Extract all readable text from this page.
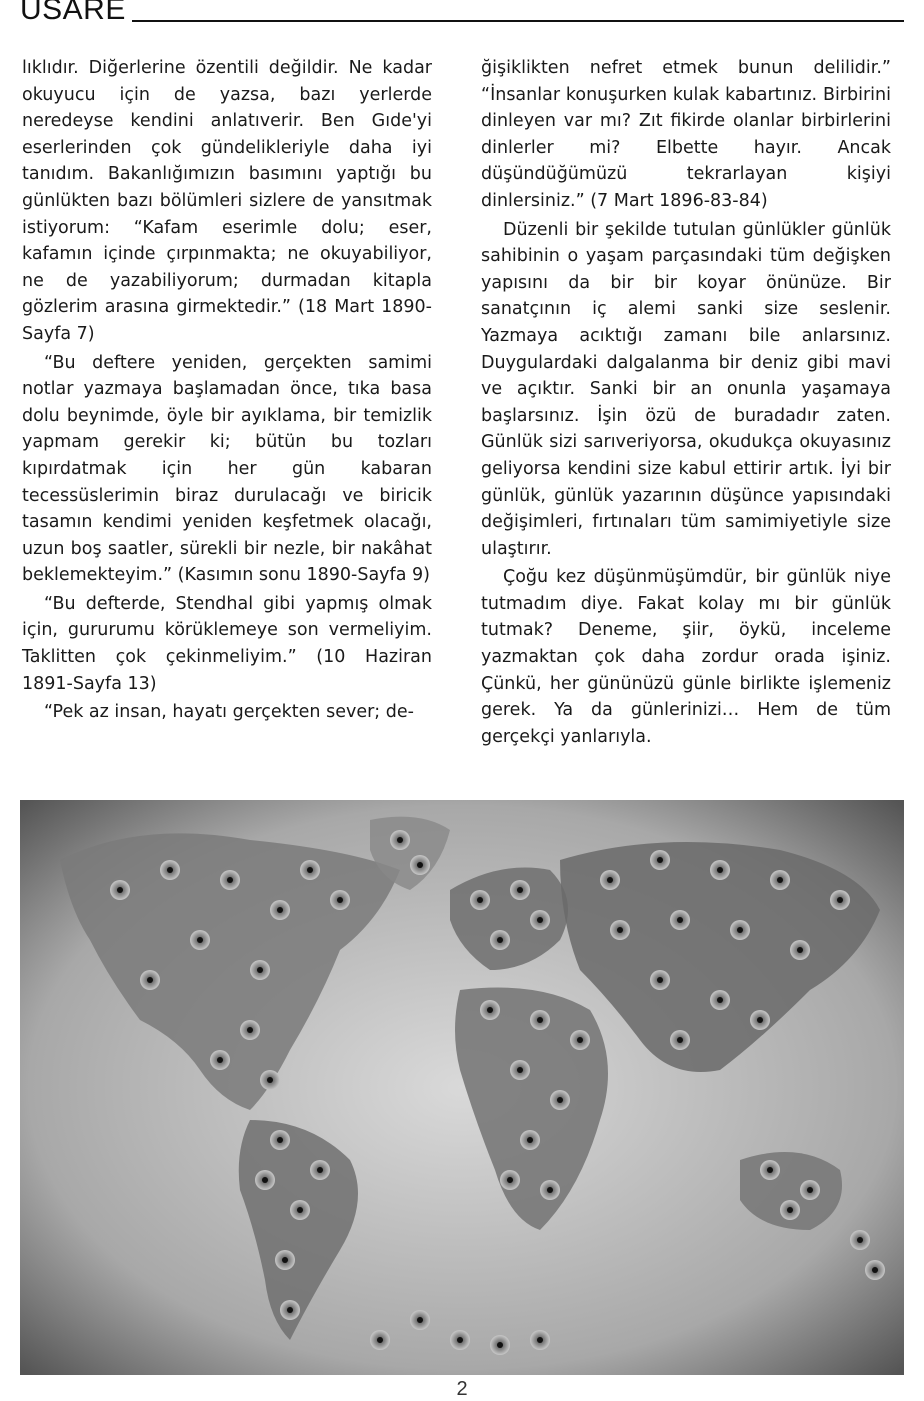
USARE

lıklıdır. Diğerlerine özentili değildir. Ne kadar okuyucu için de yazsa, bazı yerlerde neredeyse kendini anlatıverir. Ben Gıde'yi eserlerinden çok gündelikleriyle daha iyi tanıdım. Bakanlığımızın basımını yaptığı bu günlükten bazı bölümleri sizlere de yansıtmak istiyorum: “Kafam eserimle dolu; eser, kafamın içinde çırpınmakta; ne okuyabiliyor, ne de yazabiliyorum; durmadan kitapla gözlerim arasına girmektedir.” (18 Mart 1890-Sayfa 7)

“Bu deftere yeniden, gerçekten samimi notlar yazmaya başlamadan önce, tıka basa dolu beynimde, öyle bir ayıklama, bir temizlik yapmam gerekir ki; bütün bu tozları kıpırdatmak için her gün kabaran tecessüslerimin biraz durulacağı ve biricik tasamın kendimi yeniden keşfetmek olacağı, uzun boş saatler, sürekli bir nezle, bir nakâhat beklemekteyim.” (Kasımın sonu 1890-Sayfa 9)

“Bu defterde, Stendhal gibi yapmış olmak için, gururumu körüklemeye son vermeliyim. Taklitten çok çekinmeliyim.” (10 Haziran 1891-Sayfa 13)

“Pek az insan, hayatı gerçekten sever; de-

ğişiklikten nefret etmek bunun delilidir.” “İnsanlar konuşurken kulak kabartınız. Birbirini dinleyen var mı? Zıt fikirde olanlar birbirlerini dinlerler mi? Elbette hayır. Ancak düşündüğümüzü tekrarlayan kişiyi dinlersiniz.” (7 Mart 1896-83-84)

Düzenli bir şekilde tutulan günlükler günlük sahibinin o yaşam parçasındaki tüm değişken yapısını da bir bir koyar önünüze. Bir sanatçının iç alemi sanki size seslenir. Yazmaya acıktığı zamanı bile anlarsınız. Duygulardaki dalgalanma bir deniz gibi mavi ve açıktır. Sanki bir an onunla yaşamaya başlarsınız. İşin özü de buradadır zaten. Günlük sizi sarıveriyorsa, okudukça okuyasınız geliyorsa kendini size kabul ettirir artık. İyi bir günlük, günlük yazarının düşünce yapısındaki değişimleri, fırtınaları tüm samimiyetiyle size ulaştırır.

Çoğu kez düşünmüşümdür, bir günlük niye tutmadım diye. Fakat kolay mı bir günlük tutmak? Deneme, şiir, öykü, inceleme yazmaktan çok daha zordur orada işiniz. Çünkü, her gününüzü günle birlikte işlemeniz gerek. Ya da günlerinizi… Hem de tüm gerçekçi yanlarıyla.

2
